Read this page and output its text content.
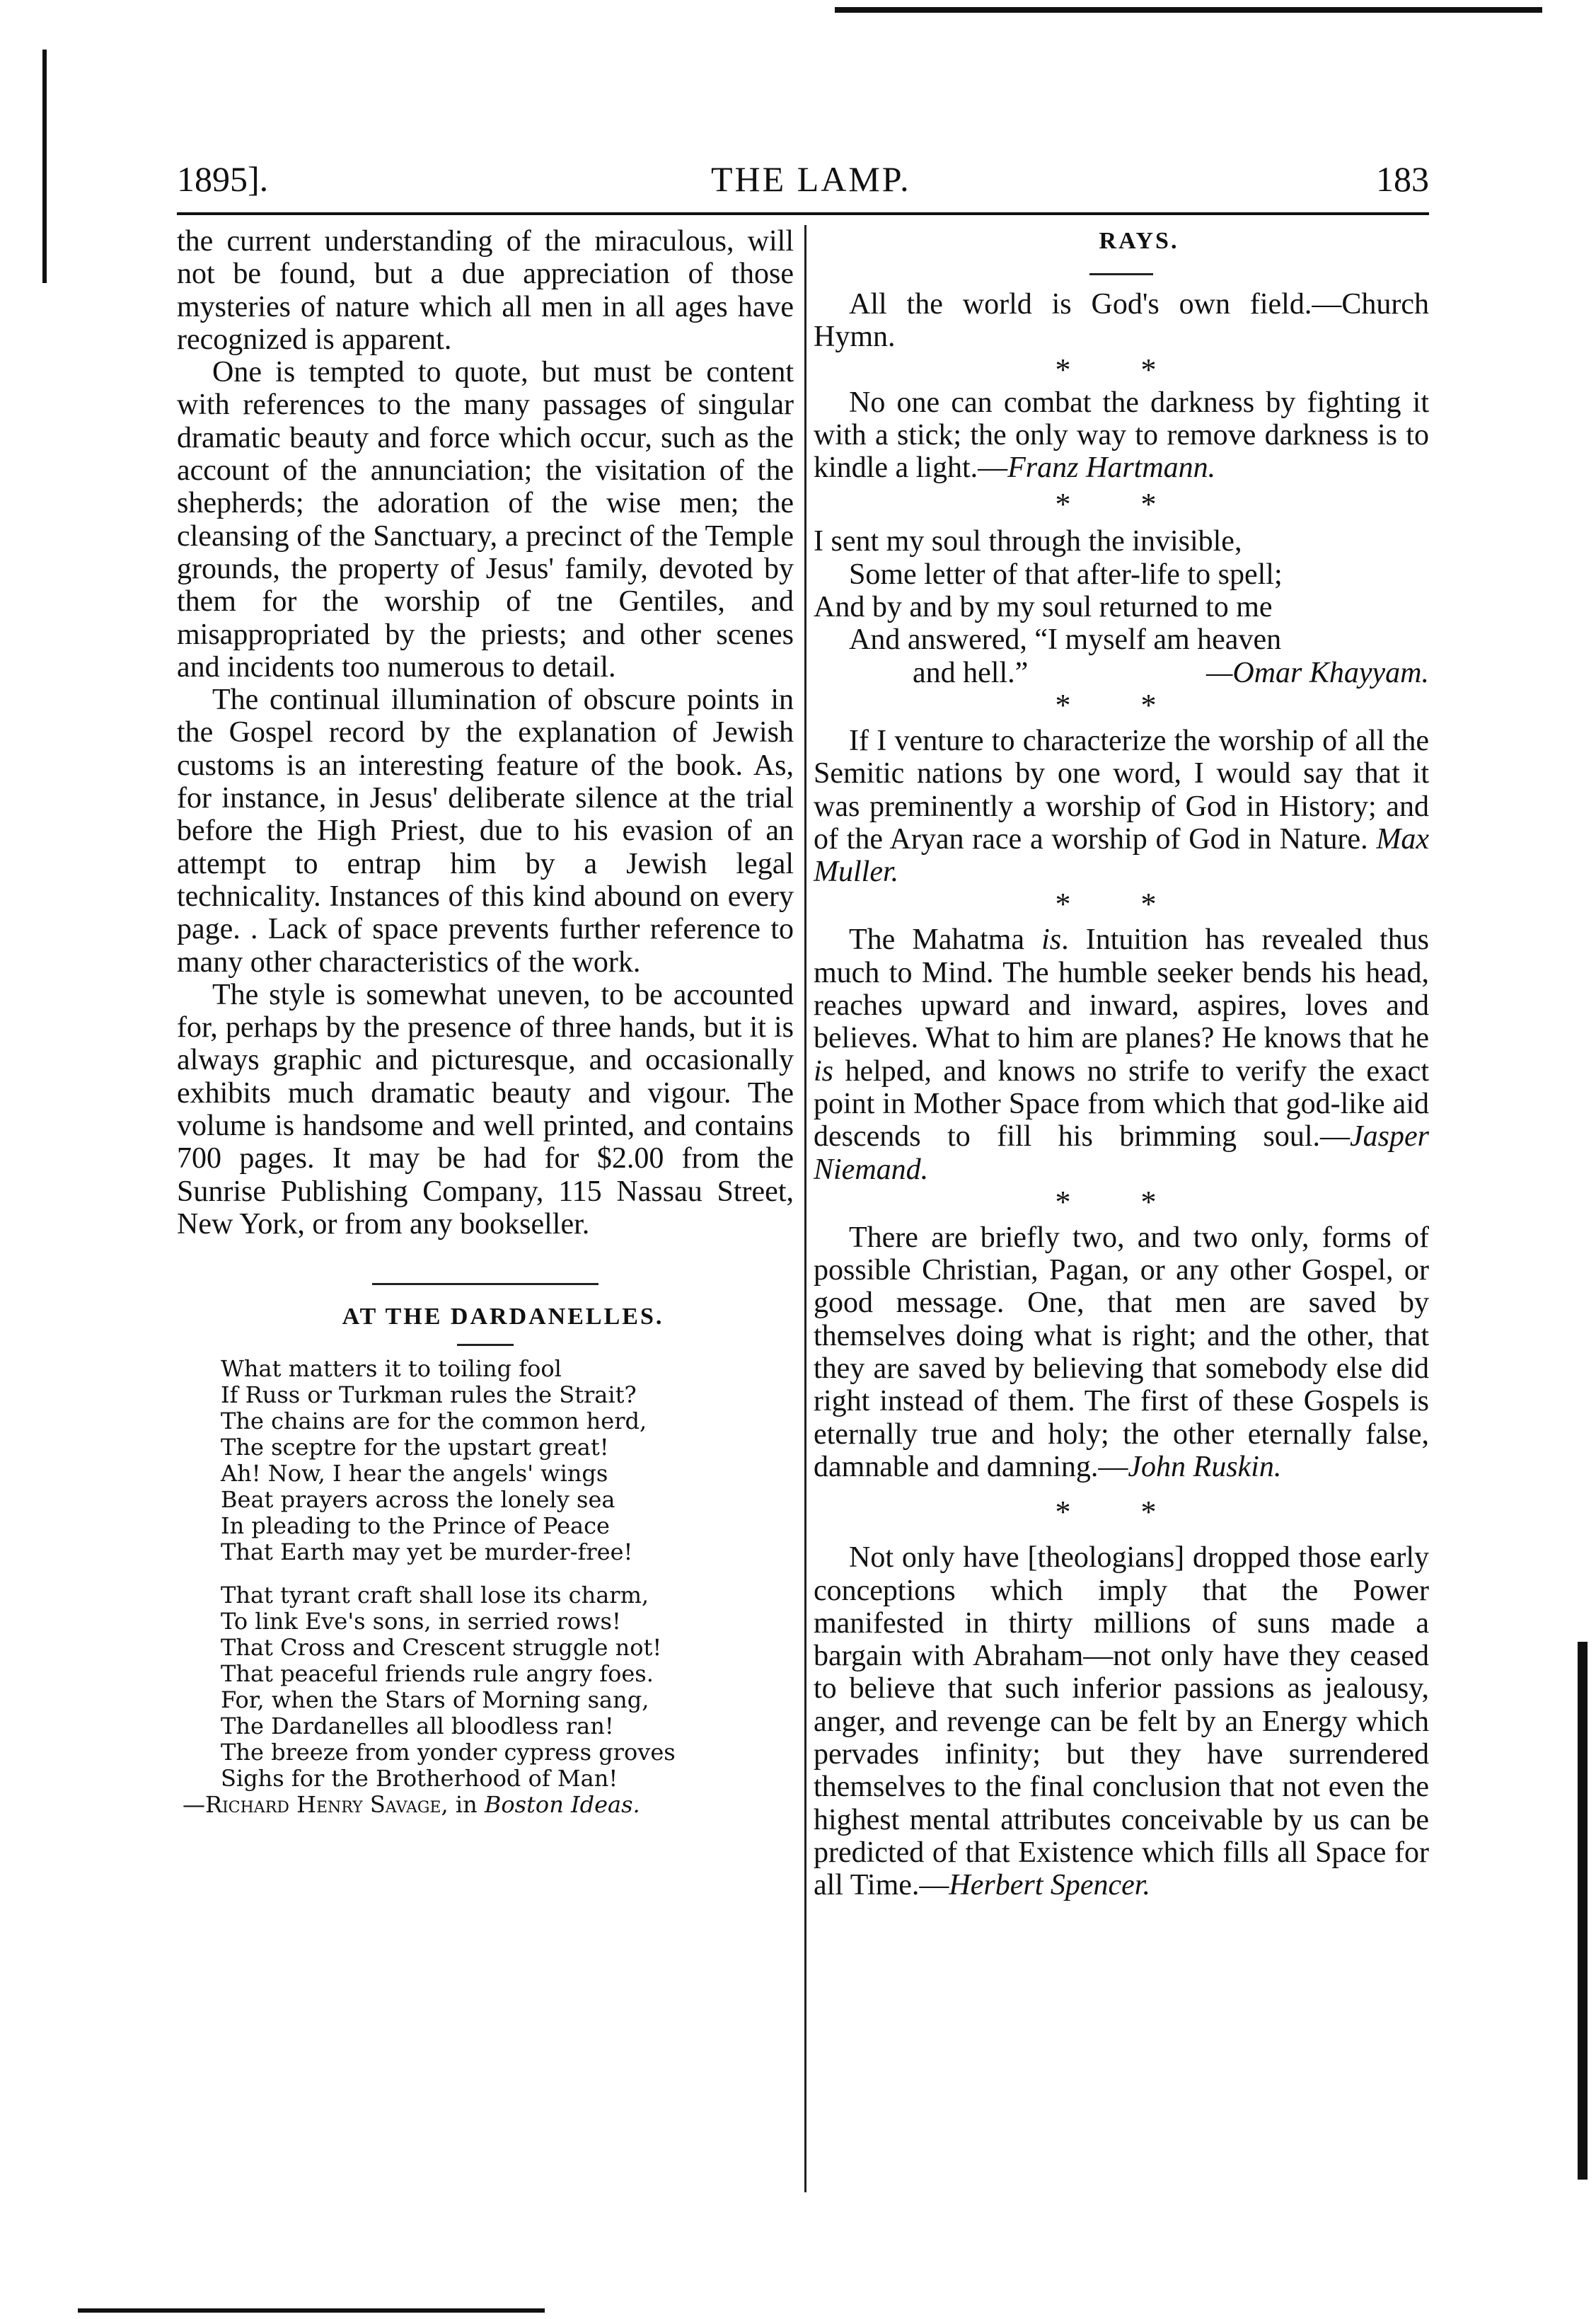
1895].	THE LAMP.	183

the current understanding of the miraculous, will not be found, but a due appreciation of those mysteries of nature which all men in all ages have recognized is apparent.

One is tempted to quote, but must be content with references to the many passages of singular dramatic beauty and force which occur, such as the account of the annunciation; the visitation of the shepherds; the adoration of the wise men; the cleansing of the Sanctuary, a precinct of the Temple grounds, the property of Jesus' family, devoted by them for the worship of tne Gentiles, and misappropriated by the priests; and other scenes and incidents too numerous to detail.

The continual illumination of obscure points in the Gospel record by the explanation of Jewish customs is an interesting feature of the book. As, for instance, in Jesus' deliberate silence at the trial before the High Priest, due to his evasion of an attempt to entrap him by a Jewish legal technicality. Instances of this kind abound on every page. . Lack of space prevents further reference to many other characteristics of the work.

The style is somewhat uneven, to be accounted for, perhaps by the presence of three hands, but it is always graphic and picturesque, and occasionally exhibits much dramatic beauty and vigour. The volume is handsome and well printed, and contains 700 pages. It may be had for $2.00 from the Sunrise Publishing Company, 115 Nassau Street, New York, or from any bookseller.

AT THE DARDANELLES.

What matters it to toiling fool
If Russ or Turkman rules the Strait?
The chains are for the common herd,
The sceptre for the upstart great!
Ah! Now, I hear the angels' wings
Beat prayers across the lonely sea
In pleading to the Prince of Peace
That Earth may yet be murder-free!
That tyrant craft shall lose its charm,
To link Eve's sons, in serried rows!
That Cross and Crescent struggle not!
That peaceful friends rule angry foes.
For, when the Stars of Morning sang,
The Dardanelles all bloodless ran!
The breeze from yonder cypress groves
Sighs for the Brotherhood of Man!
—Richard Henry Savage, in Boston Ideas.

RAYS.

All the world is God's own field.—Church Hymn.

* *

No one can combat the darkness by fighting it with a stick; the only way to remove darkness is to kindle a light.—Franz Hartmann.

* *
I sent my soul through the invisible,
Some letter of that after-life to spell;
And by and by my soul returned to me
And answered, “I myself am heaven
and hell.”	—Omar Khayyam.
* *

If I venture to characterize the worship of all the Semitic nations by one word, I would say that it was preminently a worship of God in History; and of the Aryan race a worship of God in Nature. Max Muller.

* *

The Mahatma is. Intuition has revealed thus much to Mind. The humble seeker bends his head, reaches upward and inward, aspires, loves and believes. What to him are planes? He knows that he is helped, and knows no strife to verify the exact point in Mother Space from which that god-like aid descends to fill his brimming soul.—Jasper Niemand.

* *

There are briefly two, and two only, forms of possible Christian, Pagan, or any other Gospel, or good message. One, that men are saved by themselves doing what is right; and the other, that they are saved by believing that somebody else did right instead of them. The first of these Gospels is eternally true and holy; the other eternally false, damnable and damning.—John Ruskin.

* *

Not only have [theologians] dropped those early conceptions which imply that the Power manifested in thirty millions of suns made a bargain with Abraham—not only have they ceased to believe that such inferior passions as jealousy, anger, and revenge can be felt by an Energy which pervades infinity; but they have surrendered themselves to the final conclusion that not even the highest mental attributes conceivable by us can be predicted of that Existence which fills all Space for all Time.—Herbert Spencer.
